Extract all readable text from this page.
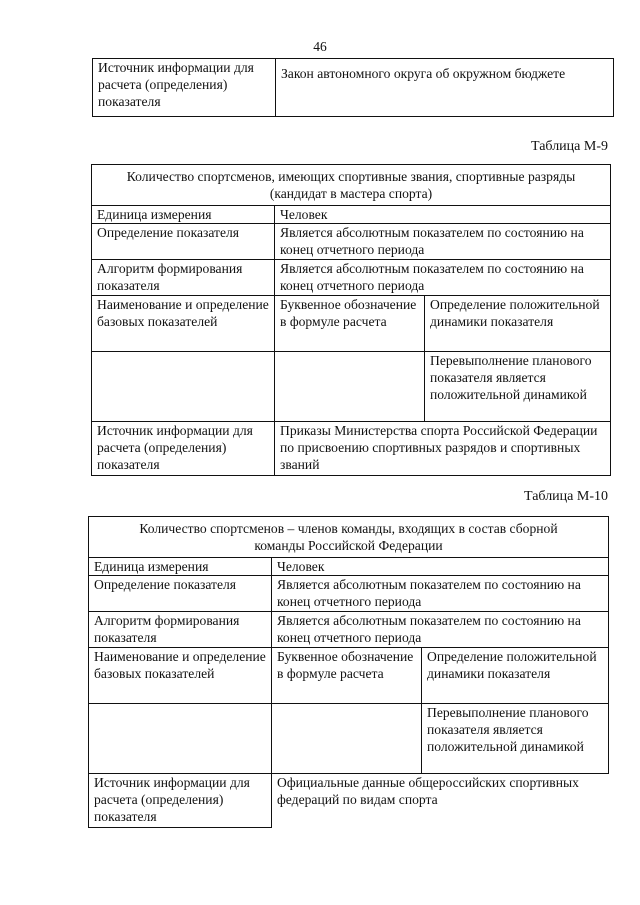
46
Источник информации для расчета (определения) показателя	Закон автономного округа об окружном бюджете
Таблица М-9
Количество спортсменов, имеющих спортивные звания, спортивные разряды (кандидат в мастера спорта)		
Единица измерения	Человек	
Определение показателя	Является абсолютным показателем по состоянию на конец отчетного периода	
Алгоритм формирования показателя	Является абсолютным показателем по состоянию на конец отчетного периода	
Наименование и определение базовых показателей	Буквенное обозначение в формуле расчета	Определение положительной динамики показателя
		Перевыполнение планового показателя является положительной динамикой
Источник информации для расчета (определения) показателя	Приказы Министерства спорта Российской Федерации по присвоению спортивных разрядов и спортивных званий	
Таблица М-10
Количество спортсменов – членов команды, входящих в состав сборной команды Российской Федерации		
Единица измерения	Человек	
Определение показателя	Является абсолютным показателем по состоянию на конец отчетного периода	
Алгоритм формирования показателя	Является абсолютным показателем по состоянию на конец отчетного периода	
Наименование и определение базовых показателей	Буквенное обозначение в формуле расчета	Определение положительной динамики показателя
		Перевыполнение планового показателя является положительной динамикой
Источник информации для расчета (определения) показателя	Официальные данные общероссийских спортивных федераций по видам спорта	
